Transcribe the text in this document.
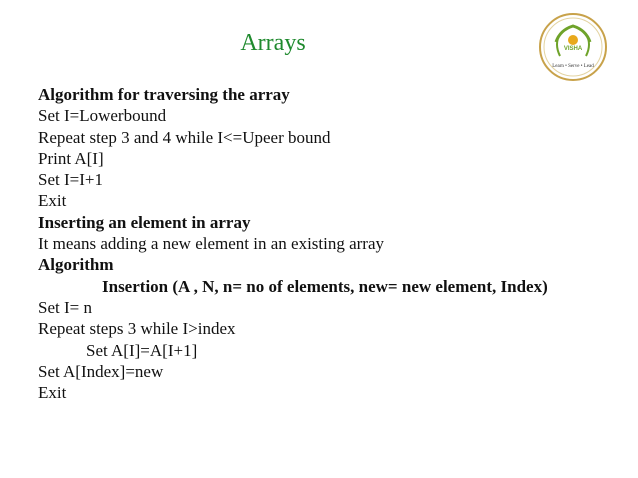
Arrays	VISHA
Learn • Serve • Lead
Algorithm for traversing the array
Set I=Lowerbound
Repeat step 3 and 4 while I<=Upeer bound
Print A[I]
Set I=I+1
Exit
Inserting an element in array
It means adding a new element in an existing array
Algorithm
Insertion (A , N, n= no of elements, new= new element, Index)
Set I= n
Repeat steps 3 while I>index
Set A[I]=A[I+1]
Set A[Index]=new
Exit
